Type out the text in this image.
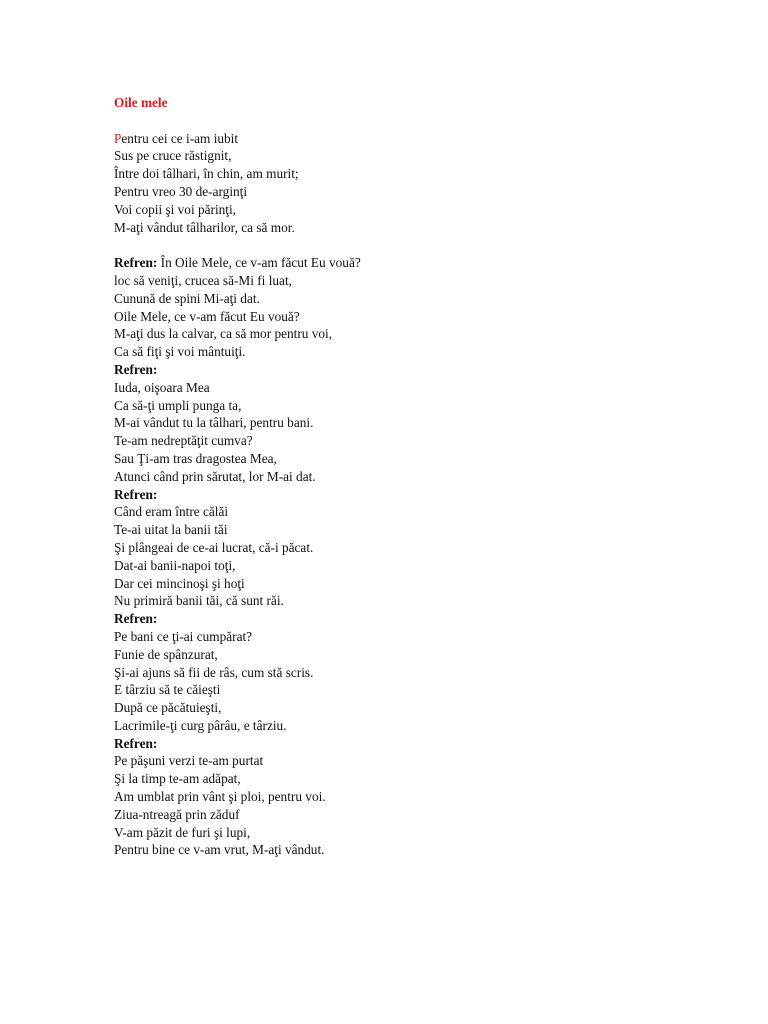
Oile mele
Pentru cei ce i-am iubit
Sus pe cruce răstignit,
Între doi tâlhari, în chin, am murit;
Pentru vreo 30 de-arginţi
Voi copii şi voi părinţi,
M-aţi vândut tâlharilor, ca să mor.
Refren: În Oile Mele, ce v-am făcut Eu vouă?
loc să veniţi, crucea să-Mi fi luat,
Cunună de spini Mi-aţi dat.
Oile Mele, ce v-am făcut Eu vouă?
M-aţi dus la calvar, ca să mor pentru voi,
Ca să fiţi şi voi mântuiţi.
Refren:
Iuda, oişoara Mea
Ca să-ţi umpli punga ta,
M-ai vândut tu la tâlhari, pentru bani.
Te-am nedreptăţit cumva?
Sau Ţi-am tras dragostea Mea,
Atunci când prin sărutat, lor M-ai dat.
Refren:
Când eram între călăi
Te-ai uitat la banii tăi
Şi plângeai de ce-ai lucrat, că-i păcat.
Dat-ai banii-napoi toţi,
Dar cei mincinoşi şi hoţi
Nu primiră banii tăi, că sunt răi.
Refren:
Pe bani ce ţi-ai cumpărat?
Funie de spânzurat,
Şi-ai ajuns să fii de râs, cum stă scris.
E târziu să te căieşti
După ce păcătuieşti,
Lacrimile-ţi curg pârâu, e târziu.
Refren:
Pe păşuni verzi te-am purtat
Şi la timp te-am adăpat,
Am umblat prin vânt şi ploi, pentru voi.
Ziua-ntreagă prin zăduf
V-am păzit de furi şi lupi,
Pentru bine ce v-am vrut, M-aţi vândut.
